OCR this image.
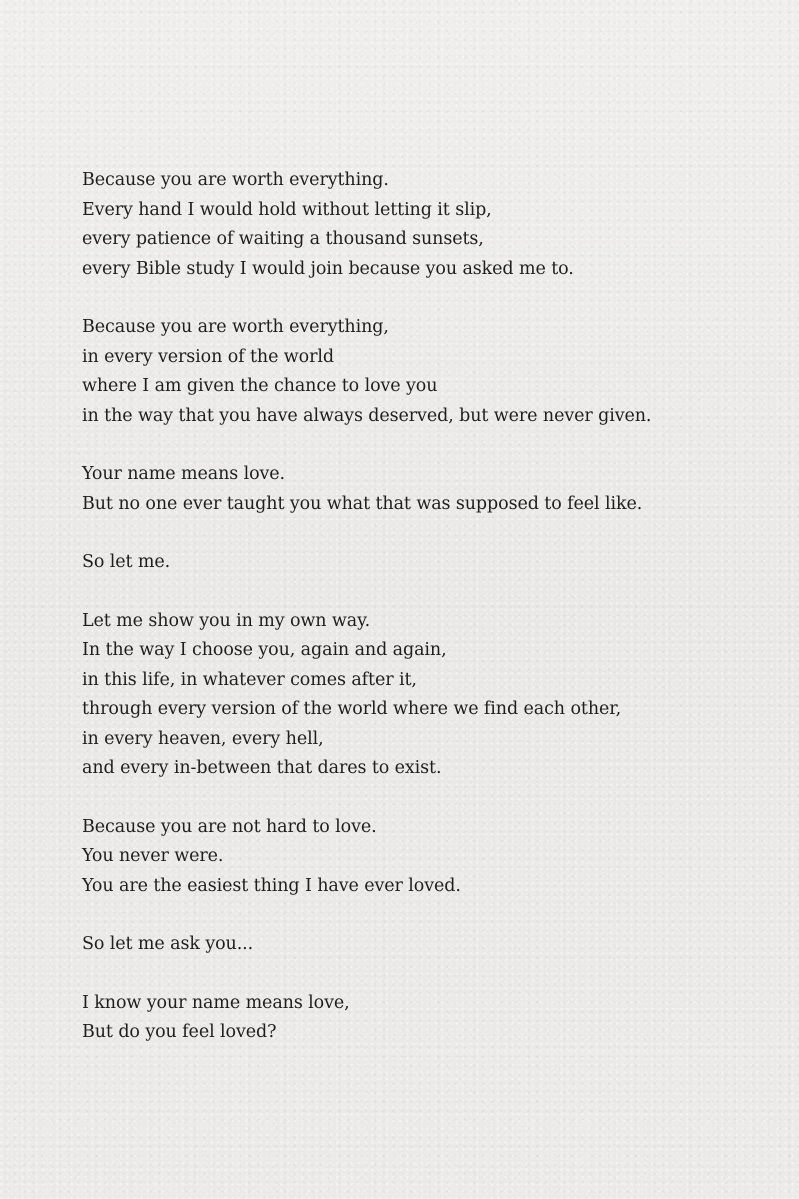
Because you are worth everything.
Every hand I would hold without letting it slip,
every patience of waiting a thousand sunsets,
every Bible study I would join because you asked me to.
Because you are worth everything,
in every version of the world
where I am given the chance to love you
in the way that you have always deserved, but were never given.
Your name means love.
But no one ever taught you what that was supposed to feel like.
So let me.
Let me show you in my own way.
In the way I choose you, again and again,
in this life, in whatever comes after it,
through every version of the world where we find each other,
in every heaven, every hell,
and every in-between that dares to exist.
Because you are not hard to love.
You never were.
You are the easiest thing I have ever loved.
So let me ask you...
I know your name means love,
But do you feel loved?
